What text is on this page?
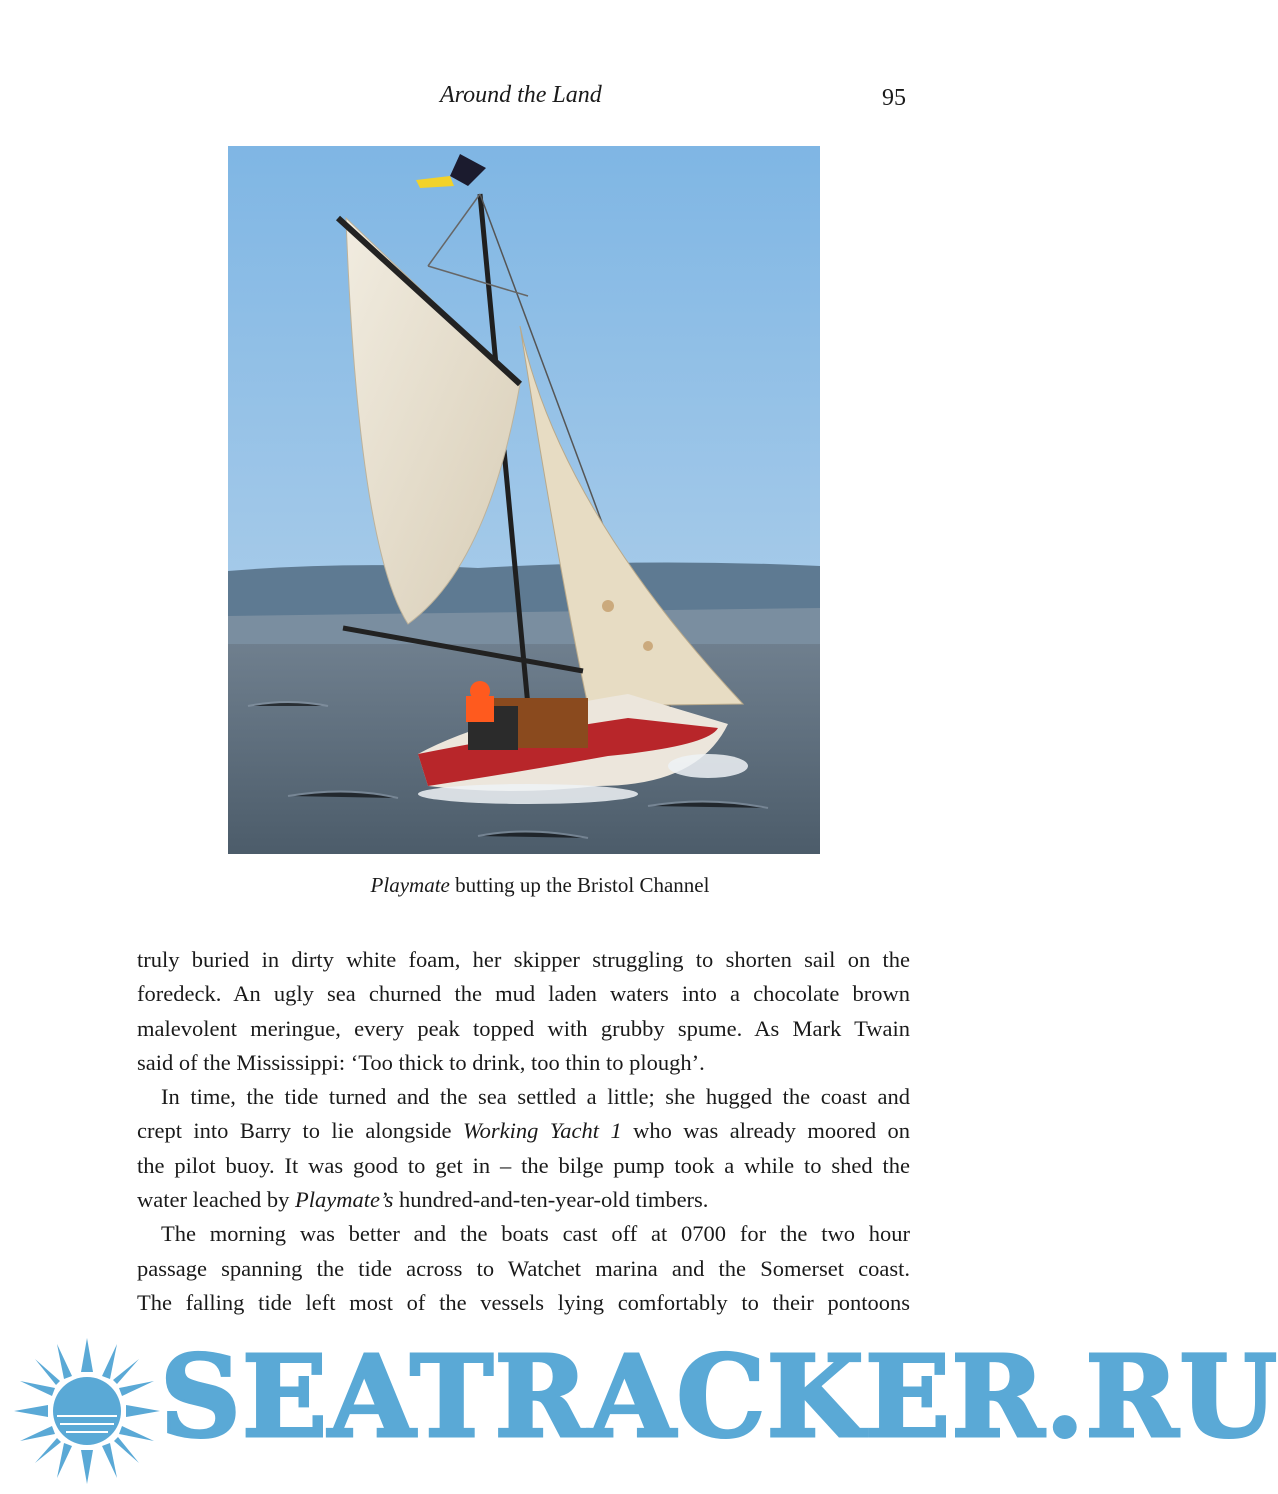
Around the Land	95
Playmate butting up the Bristol Channel

truly buried in dirty white foam, her skipper struggling to shorten sail on the
foredeck. An ugly sea churned the mud laden waters into a chocolate brown
malevolent meringue, every peak topped with grubby spume. As Mark Twain
said of the Mississippi: ‘Too thick to drink, too thin to plough’.

In time, the tide turned and the sea settled a little; she hugged the coast and
crept into Barry to lie alongside Working Yacht 1 who was already moored on
the pilot buoy. It was good to get in – the bilge pump took a while to shed the
water leached by Playmate’s hundred-and-ten-year-old timbers.

The morning was better and the boats cast off at 0700 for the two hour
passage spanning the tide across to Watchet marina and the Somerset coast.
The falling tide left most of the vessels lying comfortably to their pontoons

SEATRACKER.RU
